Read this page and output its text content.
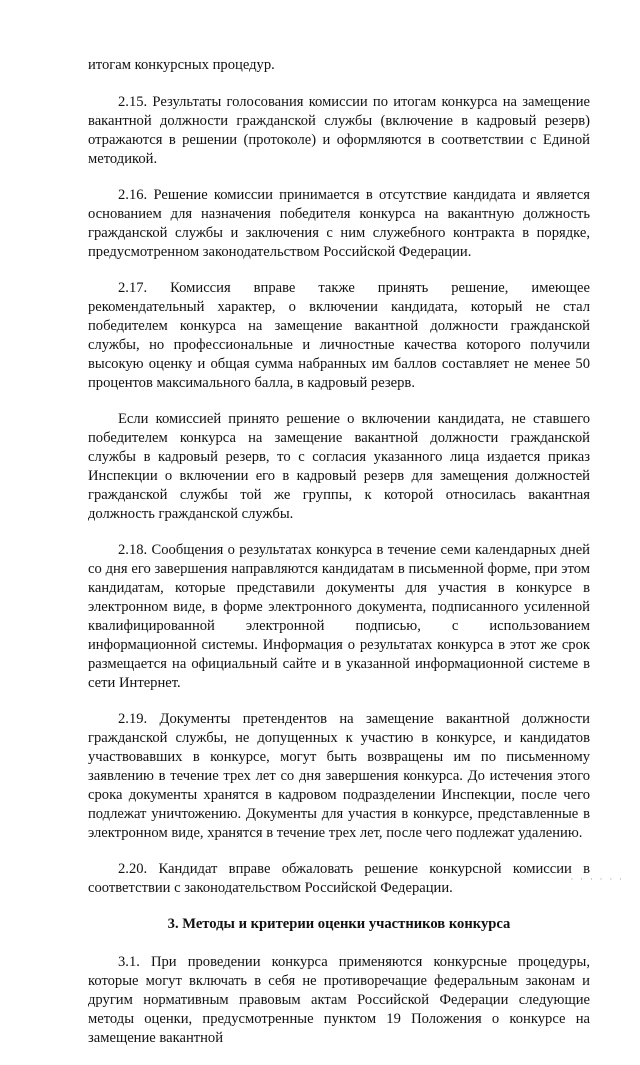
итогам конкурсных процедур.

2.15. Результаты голосования комиссии по итогам конкурса на замещение вакантной должности гражданской службы (включение в кадровый резерв) отражаются в решении (протоколе) и оформляются в соответствии с Единой методикой.

2.16. Решение комиссии принимается в отсутствие кандидата и является основанием для назначения победителя конкурса на вакантную должность гражданской службы и заключения с ним служебного контракта в порядке, предусмотренном законодательством Российской Федерации.

2.17. Комиссия вправе также принять решение, имеющее рекомендательный характер, о включении кандидата, который не стал победителем конкурса на замещение вакантной должности гражданской службы, но профессиональные и личностные качества которого получили высокую оценку и общая сумма набранных им баллов составляет не менее 50 процентов максимального балла, в кадровый резерв.

Если комиссией принято решение о включении кандидата, не ставшего победителем конкурса на замещение вакантной должности гражданской службы в кадровый резерв, то с согласия указанного лица издается приказ Инспекции о включении его в кадровый резерв для замещения должностей гражданской службы той же группы, к которой относилась вакантная должность гражданской службы.

2.18. Сообщения о результатах конкурса в течение семи календарных дней со дня его завершения направляются кандидатам в письменной форме, при этом кандидатам, которые представили документы для участия в конкурсе в электронном виде, в форме электронного документа, подписанного усиленной квалифицированной электронной подписью, с использованием информационной системы. Информация о результатах конкурса в этот же срок размещается на официальный сайте и в указанной информационной системе в сети Интернет.

2.19. Документы претендентов на замещение вакантной должности гражданской службы, не допущенных к участию в конкурсе, и кандидатов участвовавших в конкурсе, могут быть возвращены им по письменному заявлению в течение трех лет со дня завершения конкурса. До истечения этого срока документы хранятся в кадровом подразделении Инспекции, после чего подлежат уничтожению. Документы для участия в конкурсе, представленные в электронном виде, хранятся в течение трех лет, после чего подлежат удалению.

2.20. Кандидат вправе обжаловать решение конкурсной комиссии в соответствии с законодательством Российской Федерации.

3. Методы и критерии оценки участников конкурса

3.1. При проведении конкурса применяются конкурсные процедуры, которые могут включать в себя не противоречащие федеральным законам и другим нормативным правовым актам Российской Федерации следующие методы оценки, предусмотренные пунктом 19 Положения о конкурсе на замещение вакантной

· · · · · ·
